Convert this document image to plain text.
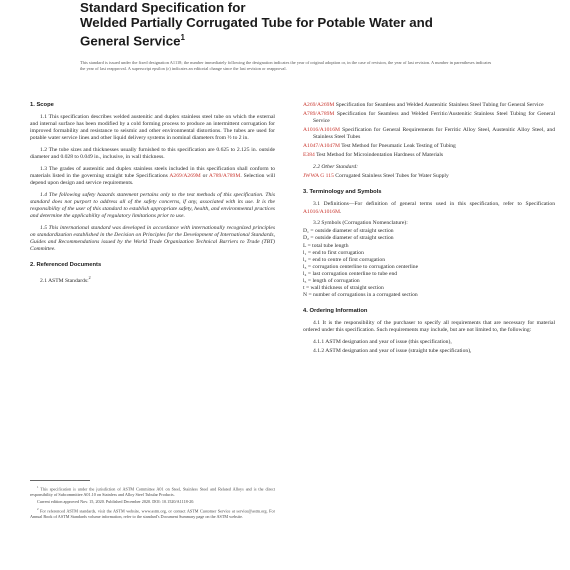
Standard Specification for
Welded Partially Corrugated Tube for Potable Water and
General Service$^1$
This standard is issued under the fixed designation A1118; the number immediately following the designation indicates the year of original adoption or, in the case of revision, the year of last revision. A number in parentheses indicates the year of last reapproval. A superscript epsilon (ε) indicates an editorial change since the last revision or reapproval.
1. Scope

1.1 This specification describes welded austenitic and duplex stainless steel tube on which the external and internal surface has been modified by a cold forming process to produce an intermittent corrugation for improved formability and resistance to seismic and other environmental distortions. The tubes are used for potable water service lines and other liquid delivery systems in nominal diameters from ½ to 2 in.

1.2 The tube sizes and thicknesses usually furnished to this specification are 0.625 to 2.125 in. outside diameter and 0.028 to 0.049 in., inclusive, in wall thickness.

1.3 The grades of austenitic and duplex stainless steels included in this specification shall conform to materials listed in the governing straight tube Specifications A269/A269M or A789/A789M. Selection will depend upon design and service requirements.

1.4 The following safety hazards statement pertains only to the test methods of this specification. This standard does not purport to address all of the safety concerns, if any, associated with its use. It is the responsibility of the user of this standard to establish appropriate safety, health, and environmental practices and determine the applicability of regulatory limitations prior to use.

1.5 This international standard was developed in accordance with internationally recognized principles on standardization established in the Decision on Principles for the Development of International Standards, Guides and Recommendations issued by the World Trade Organization Technical Barriers to Trade (TBT) Committee.

2. Referenced Documents

2.1 ASTM Standards:$^2$

$^1$ This specification is under the jurisdiction of ASTM Committee A01 on Steel, Stainless Steel and Related Alloys and is the direct responsibility of Subcommittee A01.10 on Stainless and Alloy Steel Tubular Products.

Current edition approved Nov. 15, 2020. Published December 2020. DOI: 10.1520/A1118-20.

$^2$ For referenced ASTM standards, visit the ASTM website, www.astm.org, or contact ASTM Customer Service at service@astm.org. For Annual Book of ASTM Standards volume information, refer to the standard's Document Summary page on the ASTM website.

A269/A269M Specification for Seamless and Welded Austenitic Stainless Steel Tubing for General Service

A789/A789M Specification for Seamless and Welded Ferritic/Austenitic Stainless Steel Tubing for General Service

A1016/A1016M Specification for General Requirements for Ferritic Alloy Steel, Austenitic Alloy Steel, and Stainless Steel Tubes

A1047/A1047M Test Method for Pneumatic Leak Testing of Tubing

E384 Test Method for Microindentation Hardness of Materials

2.2 Other Standard:

JWWA G 115 Corrugated Stainless Steel Tubes for Water Supply

3. Terminology and Symbols

3.1 Definitions—For definition of general terms used in this specification, refer to Specification A1016/A1016M.

3.2 Symbols (Corrugation Nomenclature):

D₁ = outside diameter of straight section

D₂ = outside diameter of straight section

L = total tube length

l₁ = end to first corrugation

l₂ = end to centre of first corrugation

l₃ = corrugation centerline to corrugation centerline

l₄ = last corrugation centerline to tube end

l₅ = length of corrugation

t = wall thickness of straight section

N = number of corrugations in a corrugated section

4. Ordering Information

4.1 It is the responsibility of the purchaser to specify all requirements that are necessary for material ordered under this specification. Such requirements may include, but are not limited to, the following:

4.1.1 ASTM designation and year of issue (this specification),

4.1.2 ASTM designation and year of issue (straight tube specification),
